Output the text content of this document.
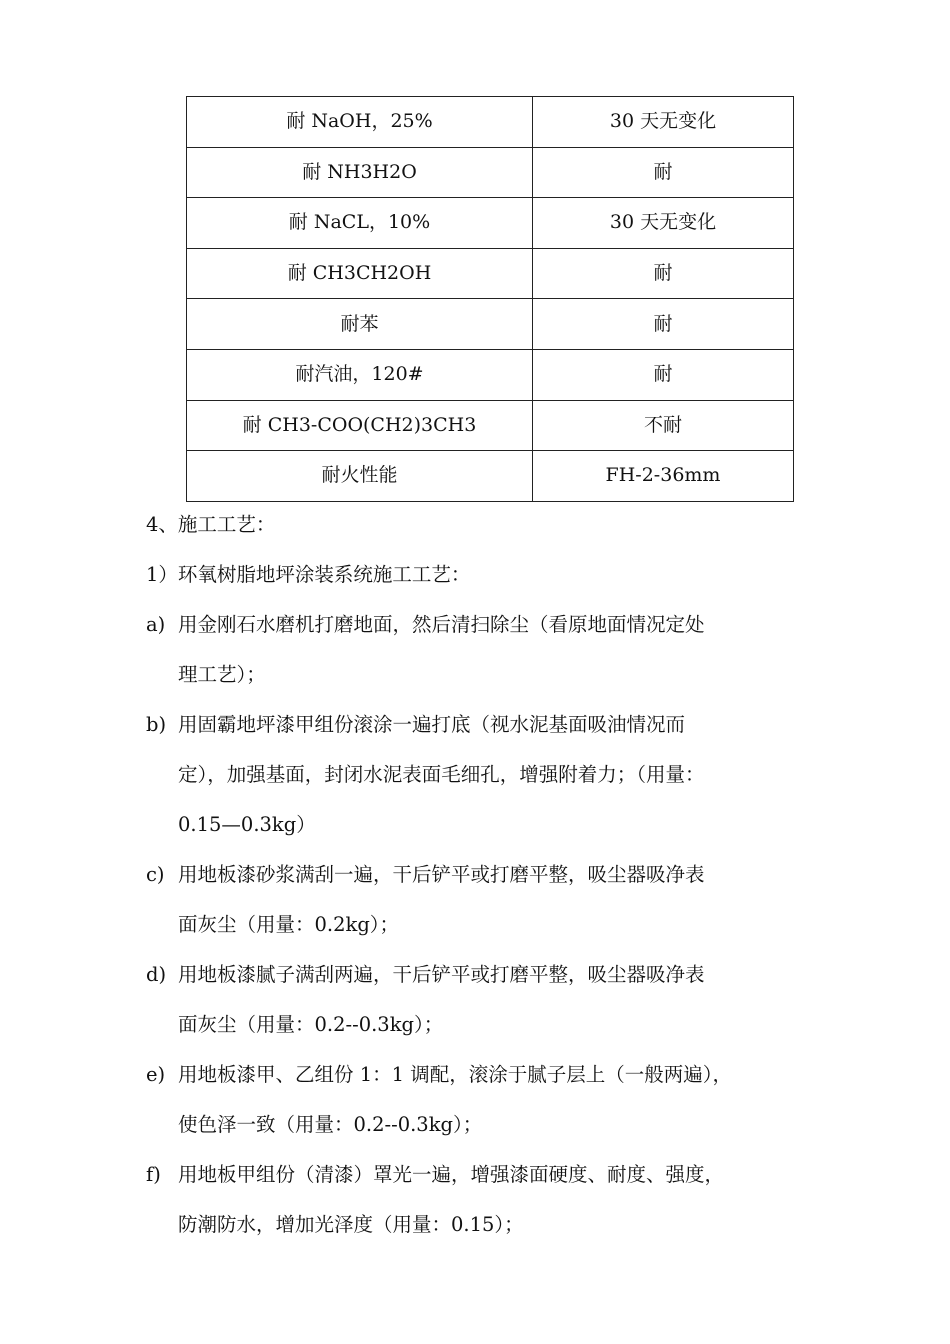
耐 NaOH，25%	30 天无变化
耐 NH3H2O	耐
耐 NaCL，10%	30 天无变化
耐 CH3CH2OH	耐
耐苯	耐
耐汽油，120#	耐
耐 CH3-COO(CH2)3CH3	不耐
耐火性能	FH-2-36mm
4、施工工艺：
1）环氧树脂地坪涂装系统施工工艺：
a) 用金刚石水磨机打磨地面，然后清扫除尘（看原地面情况定处
理工艺）；
b) 用固霸地坪漆甲组份滚涂一遍打底（视水泥基面吸油情况而
定），加强基面，封闭水泥表面毛细孔，增强附着力；（用量：
0.15—0.3kg）
c) 用地板漆砂浆满刮一遍，干后铲平或打磨平整，吸尘器吸净表
面灰尘（用量：0.2kg）；
d) 用地板漆腻子满刮两遍，干后铲平或打磨平整，吸尘器吸净表
面灰尘（用量：0.2--0.3kg）；
e) 用地板漆甲、乙组份 1：1 调配，滚涂于腻子层上（一般两遍），
使色泽一致（用量：0.2--0.3kg）；
f) 用地板甲组份（清漆）罩光一遍，增强漆面硬度、耐度、强度，
防潮防水，增加光泽度（用量：0.15）；
